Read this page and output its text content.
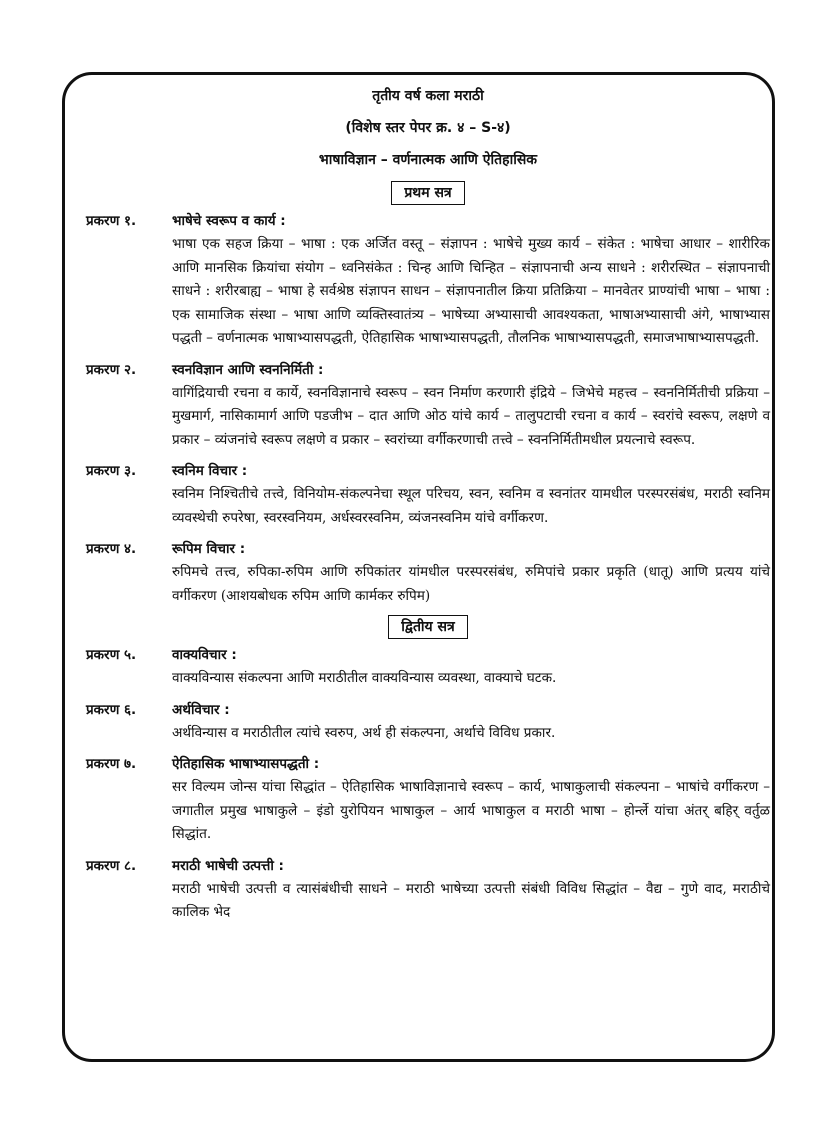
तृतीय वर्ष कला मराठी
(विशेष स्तर पेपर क्र. ४ – S-४)
भाषाविज्ञान – वर्णनात्मक आणि ऐतिहासिक
प्रथम सत्र
प्रकरण १.	भाषेचे स्वरूप व कार्य :
भाषा एक सहज क्रिया – भाषा : एक अर्जित वस्तू – संज्ञापन : भाषेचे मुख्य कार्य – संकेत : भाषेचा आधार – शारीरिक आणि मानसिक क्रियांचा संयोग – ध्वनिसंकेत : चिन्ह आणि चिन्हित – संज्ञापनाची अन्य साधने : शरीरस्थित – संज्ञापनाची साधने : शरीरबाह्य – भाषा हे सर्वश्रेष्ठ संज्ञापन साधन – संज्ञापनातील क्रिया प्रतिक्रिया – मानवेतर प्राण्यांची भाषा – भाषा : एक सामाजिक संस्था – भाषा आणि व्यक्तिस्वातंत्र्य – भाषेच्या अभ्यासाची आवश्यकता, भाषाअभ्यासाची अंगे, भाषाभ्यास पद्धती – वर्णनात्मक भाषाभ्यासपद्धती, ऐतिहासिक भाषाभ्यासपद्धती, तौलनिक भाषाभ्यासपद्धती, समाजभाषाभ्यासपद्धती.
प्रकरण २.	स्वनविज्ञान आणि स्वननिर्मिती :
वागिंद्रियाची रचना व कार्ये, स्वनविज्ञानाचे स्वरूप – स्वन निर्माण करणारी इंद्रिये – जिभेचे महत्त्व – स्वननिर्मितीची प्रक्रिया – मुखमार्ग, नासिकामार्ग आणि पडजीभ – दात आणि ओठ यांचे कार्य – तालुपटाची रचना व कार्य – स्वरांचे स्वरूप, लक्षणे व प्रकार – व्यंजनांचे स्वरूप लक्षणे व प्रकार – स्वरांच्या वर्गीकरणाची तत्त्वे – स्वननिर्मितीमधील प्रयत्नाचे स्वरूप.
प्रकरण ३.	स्वनिम विचार :
स्वनिम निश्चितीचे तत्त्वे, विनियोम-संकल्पनेचा स्थूल परिचय, स्वन, स्वनिम व स्वनांतर यामधील परस्परसंबंध, मराठी स्वनिम व्यवस्थेची रुपरेषा, स्वरस्वनियम, अर्धस्वरस्वनिम, व्यंजनस्वनिम यांचे वर्गीकरण.
प्रकरण ४.	रूपिम विचार :
रुपिमचे तत्त्व, रुपिका-रुपिम आणि रुपिकांतर यांमधील परस्परसंबंध, रुमिपांचे प्रकार प्रकृति (धातू) आणि प्रत्यय यांचे वर्गीकरण (आशयबोधक रुपिम आणि कार्मकर रुपिम)
द्वितीय सत्र
प्रकरण ५.	वाक्यविचार :
वाक्यविन्यास संकल्पना आणि मराठीतील वाक्यविन्यास व्यवस्था, वाक्याचे घटक.
प्रकरण ६.	अर्थविचार :
अर्थविन्यास व मराठीतील त्यांचे स्वरुप, अर्थ ही संकल्पना, अर्थाचे विविध प्रकार.
प्रकरण ७.	ऐतिहासिक भाषाभ्यासपद्धती :
सर विल्यम जोन्स यांचा सिद्धांत – ऐतिहासिक भाषाविज्ञानाचे स्वरूप – कार्य, भाषाकुलाची संकल्पना – भाषांचे वर्गीकरण – जगातील प्रमुख भाषाकुले – इंडो युरोपियन भाषाकुल – आर्य भाषाकुल व मराठी भाषा – होर्न्ले यांचा अंतर् बहिर् वर्तुळ सिद्धांत.
प्रकरण ८.	मराठी भाषेची उत्पत्ती :
मराठी भाषेची उत्पत्ती व त्यासंबंधीची साधने – मराठी भाषेच्या उत्पत्ती संबंधी विविध सिद्धांत – वैद्य – गुणे वाद, मराठीचे कालिक भेद
